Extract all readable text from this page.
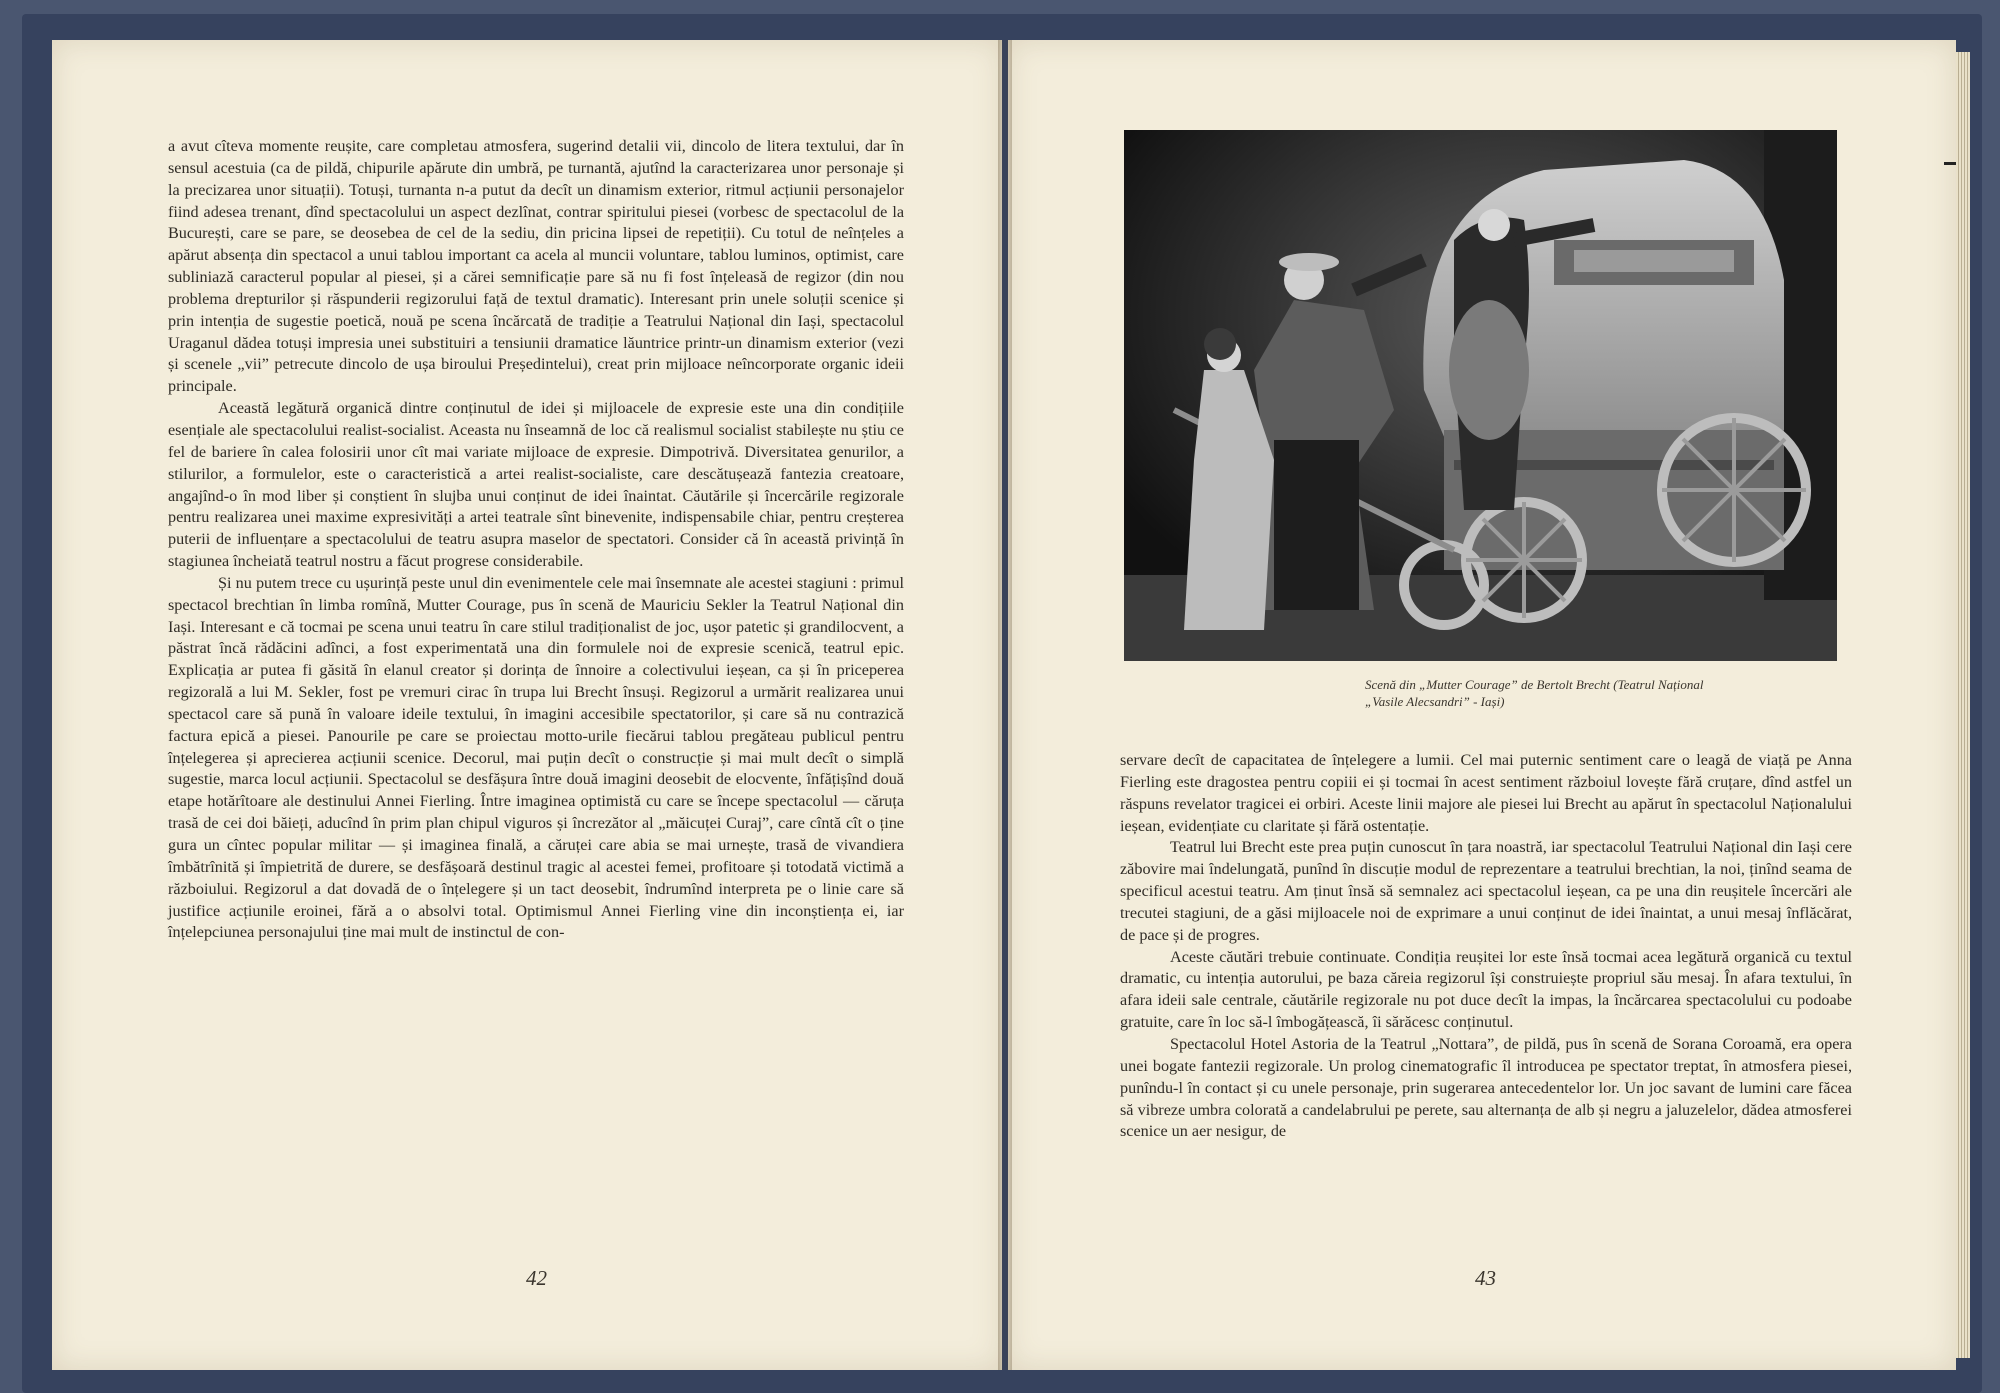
a avut cîteva momente reușite, care completau atmosfera, sugerind detalii vii, dincolo de litera textului, dar în sensul acestuia (ca de pildă, chipurile apărute din umbră, pe turnantă, ajutînd la caracterizarea unor personaje și la precizarea unor situații). Totuși, turnanta n-a putut da decît un dinamism exterior, ritmul acțiunii personajelor fiind adesea trenant, dînd spectacolului un aspect dezlînat, contrar spiritului piesei (vorbesc de spectacolul de la București, care se pare, se deosebea de cel de la sediu, din pricina lipsei de repetiții). Cu totul de neînțeles a apărut absența din spectacol a unui tablou important ca acela al muncii voluntare, tablou luminos, optimist, care subliniază caracterul popular al piesei, și a cărei semnificație pare să nu fi fost înțeleasă de regizor (din nou problema drepturilor și răspunderii regizorului față de textul dramatic). Interesant prin unele soluții scenice și prin intenția de sugestie poetică, nouă pe scena încărcată de tradiție a Teatrului Național din Iași, spectacolul Uraganul dădea totuși impresia unei substituiri a tensiunii dramatice lăuntrice printr-un dinamism exterior (vezi și scenele „vii” petrecute dincolo de ușa biroului Președintelui), creat prin mijloace neîncorporate organic ideii principale.

Această legătură organică dintre conținutul de idei și mijloacele de expresie este una din condițiile esențiale ale spectacolului realist-socialist. Aceasta nu înseamnă de loc că realismul socialist stabilește nu știu ce fel de bariere în calea folosirii unor cît mai variate mijloace de expresie. Dimpotrivă. Diversitatea genurilor, a stilurilor, a formulelor, este o caracteristică a artei realist-socialiste, care descătușează fantezia creatoare, angajînd-o în mod liber și conștient în slujba unui conținut de idei înaintat. Căutările și încercările regizorale pentru realizarea unei maxime expresivități a artei teatrale sînt binevenite, indispensabile chiar, pentru creșterea puterii de influențare a spectacolului de teatru asupra maselor de spectatori. Consider că în această privință în stagiunea încheiată teatrul nostru a făcut progrese considerabile.

Și nu putem trece cu ușurință peste unul din evenimentele cele mai însemnate ale acestei stagiuni : primul spectacol brechtian în limba romînă, Mutter Courage, pus în scenă de Mauriciu Sekler la Teatrul Național din Iași. Interesant e că tocmai pe scena unui teatru în care stilul tradiționalist de joc, ușor patetic și grandilocvent, a păstrat încă rădăcini adînci, a fost experimentată una din formulele noi de expresie scenică, teatrul epic. Explicația ar putea fi găsită în elanul creator și dorința de înnoire a colectivului ieșean, ca și în priceperea regizorală a lui M. Sekler, fost pe vremuri cirac în trupa lui Brecht însuși. Regizorul a urmărit realizarea unui spectacol care să pună în valoare ideile textului, în imagini accesibile spectatorilor, și care să nu contrazică factura epică a piesei. Panourile pe care se proiectau motto-urile fiecărui tablou pregăteau publicul pentru înțelegerea și aprecierea acțiunii scenice. Decorul, mai puțin decît o construcție și mai mult decît o simplă sugestie, marca locul acțiunii. Spectacolul se desfășura între două imagini deosebit de elocvente, înfățișînd două etape hotărîtoare ale destinului Annei Fierling. Între imaginea optimistă cu care se începe spectacolul — căruța trasă de cei doi băieți, aducînd în prim plan chipul viguros și încrezător al „măicuței Curaj”, care cîntă cît o ține gura un cîntec popular militar — și imaginea finală, a căruței care abia se mai urnește, trasă de vivandiera îmbătrînită și împietrită de durere, se desfășoară destinul tragic al acestei femei, profitoare și totodată victimă a războiului. Regizorul a dat dovadă de o înțelegere și un tact deosebit, îndrumînd interpreta pe o linie care să justifice acțiunile eroinei, fără a o absolvi total. Optimismul Annei Fierling vine din inconștiența ei, iar înțelepciunea personajului ține mai mult de instinctul de con-

42
Scenă din „Mutter Courage” de Bertolt Brecht (Teatrul Național
„Vasile Alecsandri” - Iași)

servare decît de capacitatea de înțelegere a lumii. Cel mai puternic sentiment care o leagă de viață pe Anna Fierling este dragostea pentru copiii ei și tocmai în acest sentiment războiul lovește fără cruțare, dînd astfel un răspuns revelator tragicei ei orbiri. Aceste linii majore ale piesei lui Brecht au apărut în spectacolul Naționalului ieșean, evidențiate cu claritate și fără ostentație.

Teatrul lui Brecht este prea puțin cunoscut în țara noastră, iar spectacolul Teatrului Național din Iași cere zăbovire mai îndelungată, punînd în discuție modul de reprezentare a teatrului brechtian, la noi, ținînd seama de specificul acestui teatru. Am ținut însă să semnalez aci spectacolul ieșean, ca pe una din reușitele încercări ale trecutei stagiuni, de a găsi mijloacele noi de exprimare a unui conținut de idei înaintat, a unui mesaj înflăcărat, de pace și de progres.

Aceste căutări trebuie continuate. Condiția reușitei lor este însă tocmai acea legătură organică cu textul dramatic, cu intenția autorului, pe baza căreia regizorul își construiește propriul său mesaj. În afara textului, în afara ideii sale centrale, căutările regizorale nu pot duce decît la impas, la încărcarea spectacolului cu podoabe gratuite, care în loc să-l îmbogățească, îi sărăcesc conținutul.

Spectacolul Hotel Astoria de la Teatrul „Nottara”, de pildă, pus în scenă de Sorana Coroamă, era opera unei bogate fantezii regizorale. Un prolog cinematografic îl introducea pe spectator treptat, în atmosfera piesei, punîndu-l în contact și cu unele personaje, prin sugerarea antecedentelor lor. Un joc savant de lumini care făcea să vibreze umbra colorată a candelabrului pe perete, sau alternanța de alb și negru a jaluzelelor, dădea atmosferei scenice un aer nesigur, de

43
